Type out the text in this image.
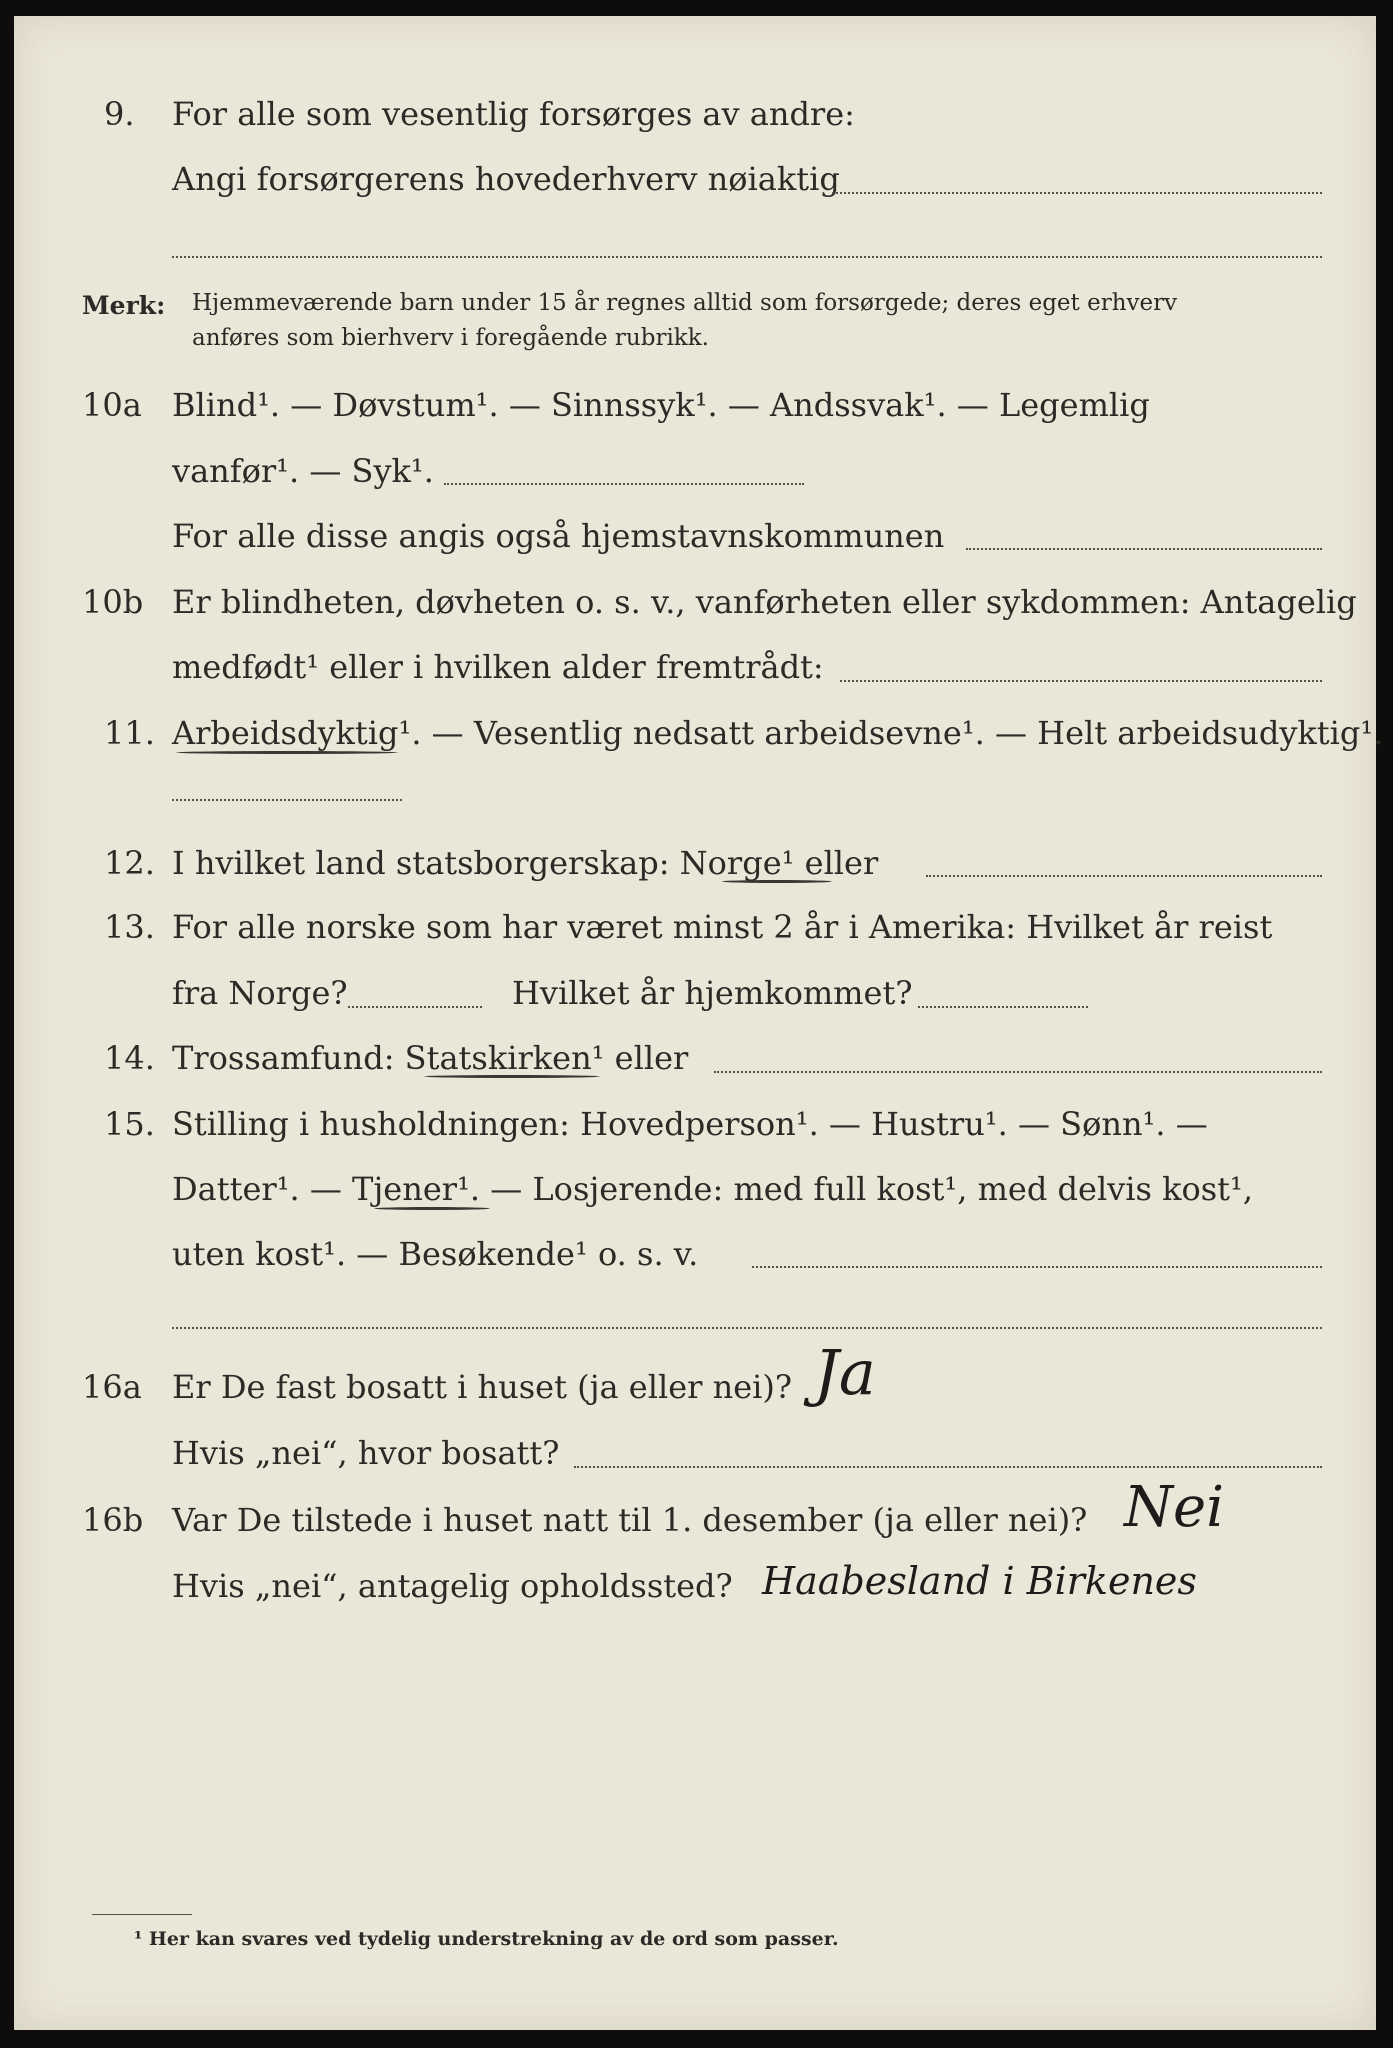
9. For alle som vesentlig forsørges av andre:
Angi forsørgerens hovederhverv nøiaktig
Merk: Hjemmeværende barn under 15 år regnes alltid som forsørgede; deres eget erhverv
anføres som bierhverv i foregående rubrikk.
10a Blind¹. — Døvstum¹. — Sinnssyk¹. — Andssvak¹. — Legemlig
vanfør¹. — Syk¹.
For alle disse angis også hjemstavnskommunen
10b Er blindheten, døvheten o. s. v., vanførheten eller sykdommen: Antagelig
medfødt¹ eller i hvilken alder fremtrådt:
11. Arbeidsdyktig¹. — Vesentlig nedsatt arbeidsevne¹. — Helt arbeidsudyktig¹.
12. I hvilket land statsborgerskap: Norge¹ eller
13. For alle norske som har været minst 2 år i Amerika: Hvilket år reist
fra Norge?	Hvilket år hjemkommet?
14. Trossamfund: Statskirken¹ eller
15. Stilling i husholdningen: Hovedperson¹. — Hustru¹. — Sønn¹. —
Datter¹. — Tjener¹. — Losjerende: med full kost¹, med delvis kost¹,
uten kost¹. — Besøkende¹ o. s. v.
16a Er De fast bosatt i huset (ja eller nei)? Ja
Hvis „nei“, hvor bosatt?
16b Var De tilstede i huset natt til 1. desember (ja eller nei)? Nei
Hvis „nei“, antagelig opholdssted? Haabesland i Birkenes
¹ Her kan svares ved tydelig understrekning av de ord som passer.
